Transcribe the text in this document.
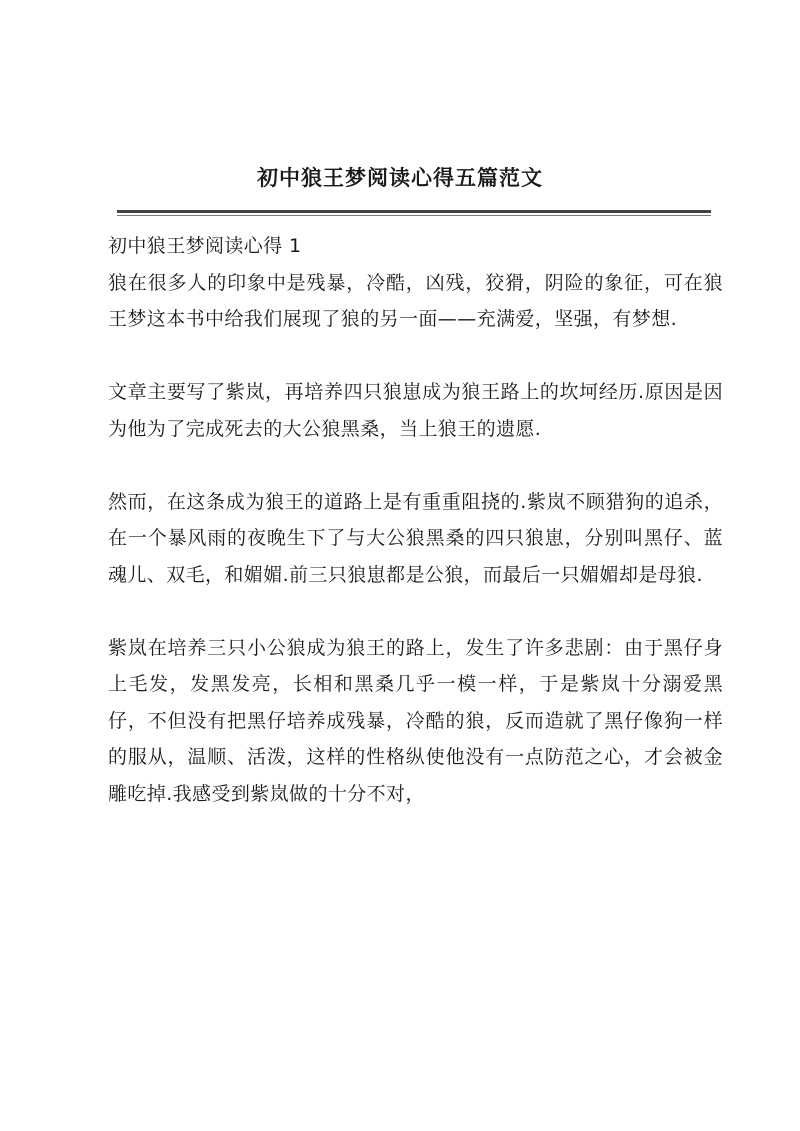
初中狼王梦阅读心得五篇范文

初中狼王梦阅读心得 1

狼在很多人的印象中是残暴，冷酷，凶残，狡猾，阴险的象征，可在狼王梦这本书中给我们展现了狼的另一面——充满爱，坚强，有梦想.

文章主要写了紫岚，再培养四只狼崽成为狼王路上的坎坷经历.原因是因为他为了完成死去的大公狼黑桑，当上狼王的遗愿.

然而，在这条成为狼王的道路上是有重重阻挠的.紫岚不顾猎狗的追杀，在一个暴风雨的夜晚生下了与大公狼黑桑的四只狼崽，分别叫黑仔、蓝魂儿、双毛，和媚媚.前三只狼崽都是公狼，而最后一只媚媚却是母狼.

紫岚在培养三只小公狼成为狼王的路上，发生了许多悲剧：由于黑仔身上毛发，发黑发亮，长相和黑桑几乎一模一样，于是紫岚十分溺爱黑仔，不但没有把黑仔培养成残暴，冷酷的狼，反而造就了黑仔像狗一样的服从，温顺、活泼，这样的性格纵使他没有一点防范之心，才会被金雕吃掉.我感受到紫岚做的十分不对，
